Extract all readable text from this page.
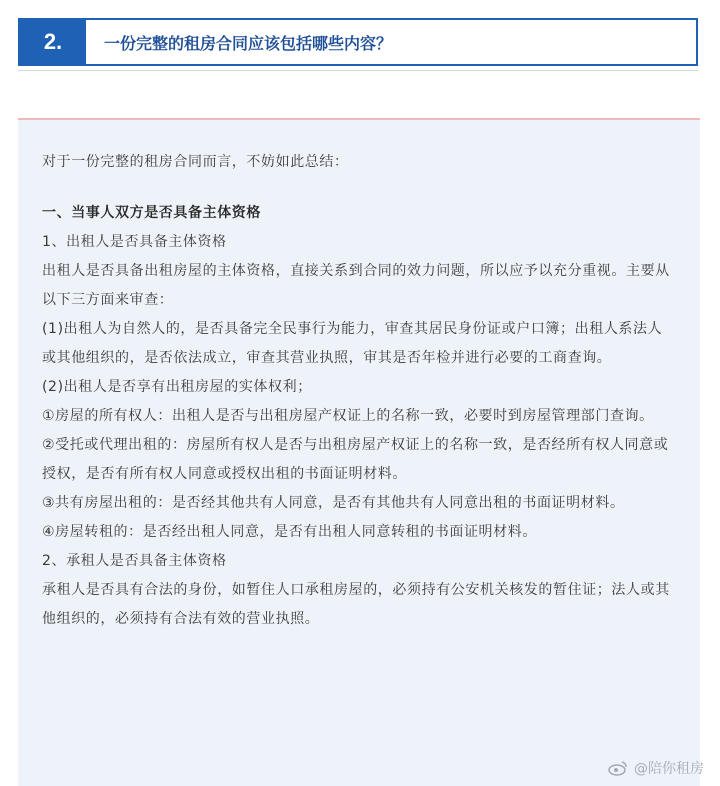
2.	一份完整的租房合同应该包括哪些内容？

对于一份完整的租房合同而言，不妨如此总结：

一、当事人双方是否具备主体资格

1、出租人是否具备主体资格

出租人是否具备出租房屋的主体资格，直接关系到合同的效力问题，所以应予以充分重视。主要从以下三方面来审查：

(1)出租人为自然人的，是否具备完全民事行为能力，审查其居民身份证或户口簿；出租人系法人或其他组织的，是否依法成立，审查其营业执照，审其是否年检并进行必要的工商查询。

(2)出租人是否享有出租房屋的实体权利；

①房屋的所有权人：出租人是否与出租房屋产权证上的名称一致，必要时到房屋管理部门查询。

②受托或代理出租的：房屋所有权人是否与出租房屋产权证上的名称一致，是否经所有权人同意或授权，是否有所有权人同意或授权出租的书面证明材料。

③共有房屋出租的：是否经其他共有人同意，是否有其他共有人同意出租的书面证明材料。

④房屋转租的：是否经出租人同意，是否有出租人同意转租的书面证明材料。

2、承租人是否具备主体资格

承租人是否具有合法的身份，如暂住人口承租房屋的，必须持有公安机关核发的暂住证；法人或其他组织的，必须持有合法有效的营业执照。

@陪你租房
